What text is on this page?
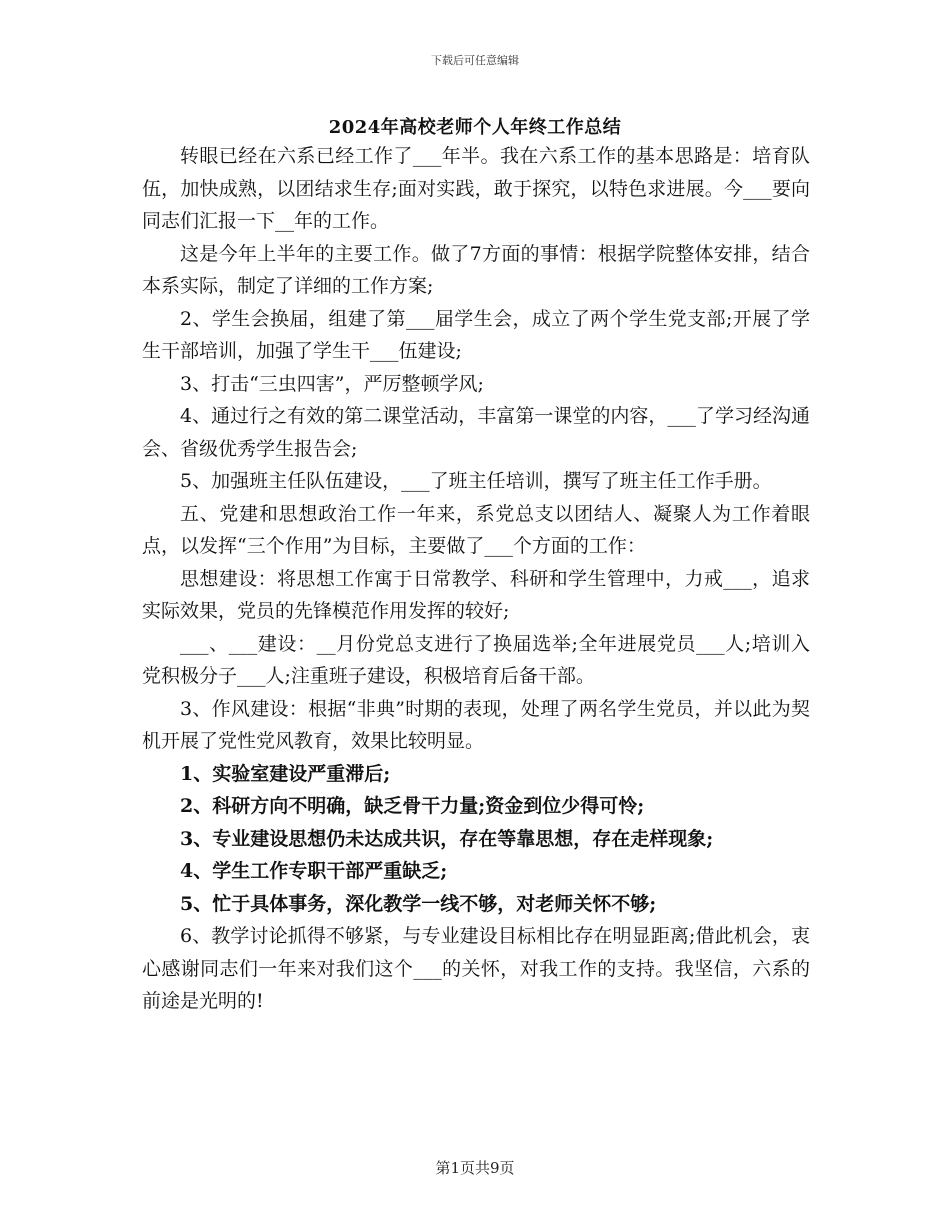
下载后可任意编辑
2024年高校老师个人年终工作总结

转眼已经在六系已经工作了___年半。我在六系工作的基本思路是：培育队伍，加快成熟，以团结求生存;面对实践，敢于探究，以特色求进展。今___要向同志们汇报一下__年的工作。

这是今年上半年的主要工作。做了7方面的事情：根据学院整体安排，结合本系实际，制定了详细的工作方案;

2、学生会换届，组建了第___届学生会，成立了两个学生党支部;开展了学生干部培训，加强了学生干___伍建设;

3、打击“三虫四害”，严厉整顿学风;

4、通过行之有效的第二课堂活动，丰富第一课堂的内容，___了学习经沟通会、省级优秀学生报告会;

5、加强班主任队伍建设，___了班主任培训，撰写了班主任工作手册。

五、党建和思想政治工作一年来，系党总支以团结人、凝聚人为工作着眼点，以发挥“三个作用”为目标，主要做了___个方面的工作：

思想建设：将思想工作寓于日常教学、科研和学生管理中，力戒___，追求实际效果，党员的先锋模范作用发挥的较好;

___、___建设：__月份党总支进行了换届选举;全年进展党员___人;培训入党积极分子___人;注重班子建设，积极培育后备干部。

3、作风建设：根据“非典”时期的表现，处理了两名学生党员，并以此为契机开展了党性党风教育，效果比较明显。

1、实验室建设严重滞后;

2、科研方向不明确，缺乏骨干力量;资金到位少得可怜;

3、专业建设思想仍未达成共识，存在等靠思想，存在走样现象;

4、学生工作专职干部严重缺乏;

5、忙于具体事务，深化教学一线不够，对老师关怀不够;

6、教学讨论抓得不够紧，与专业建设目标相比存在明显距离;借此机会，衷心感谢同志们一年来对我们这个___的关怀，对我工作的支持。我坚信，六系的前途是光明的!

第1页共9页
